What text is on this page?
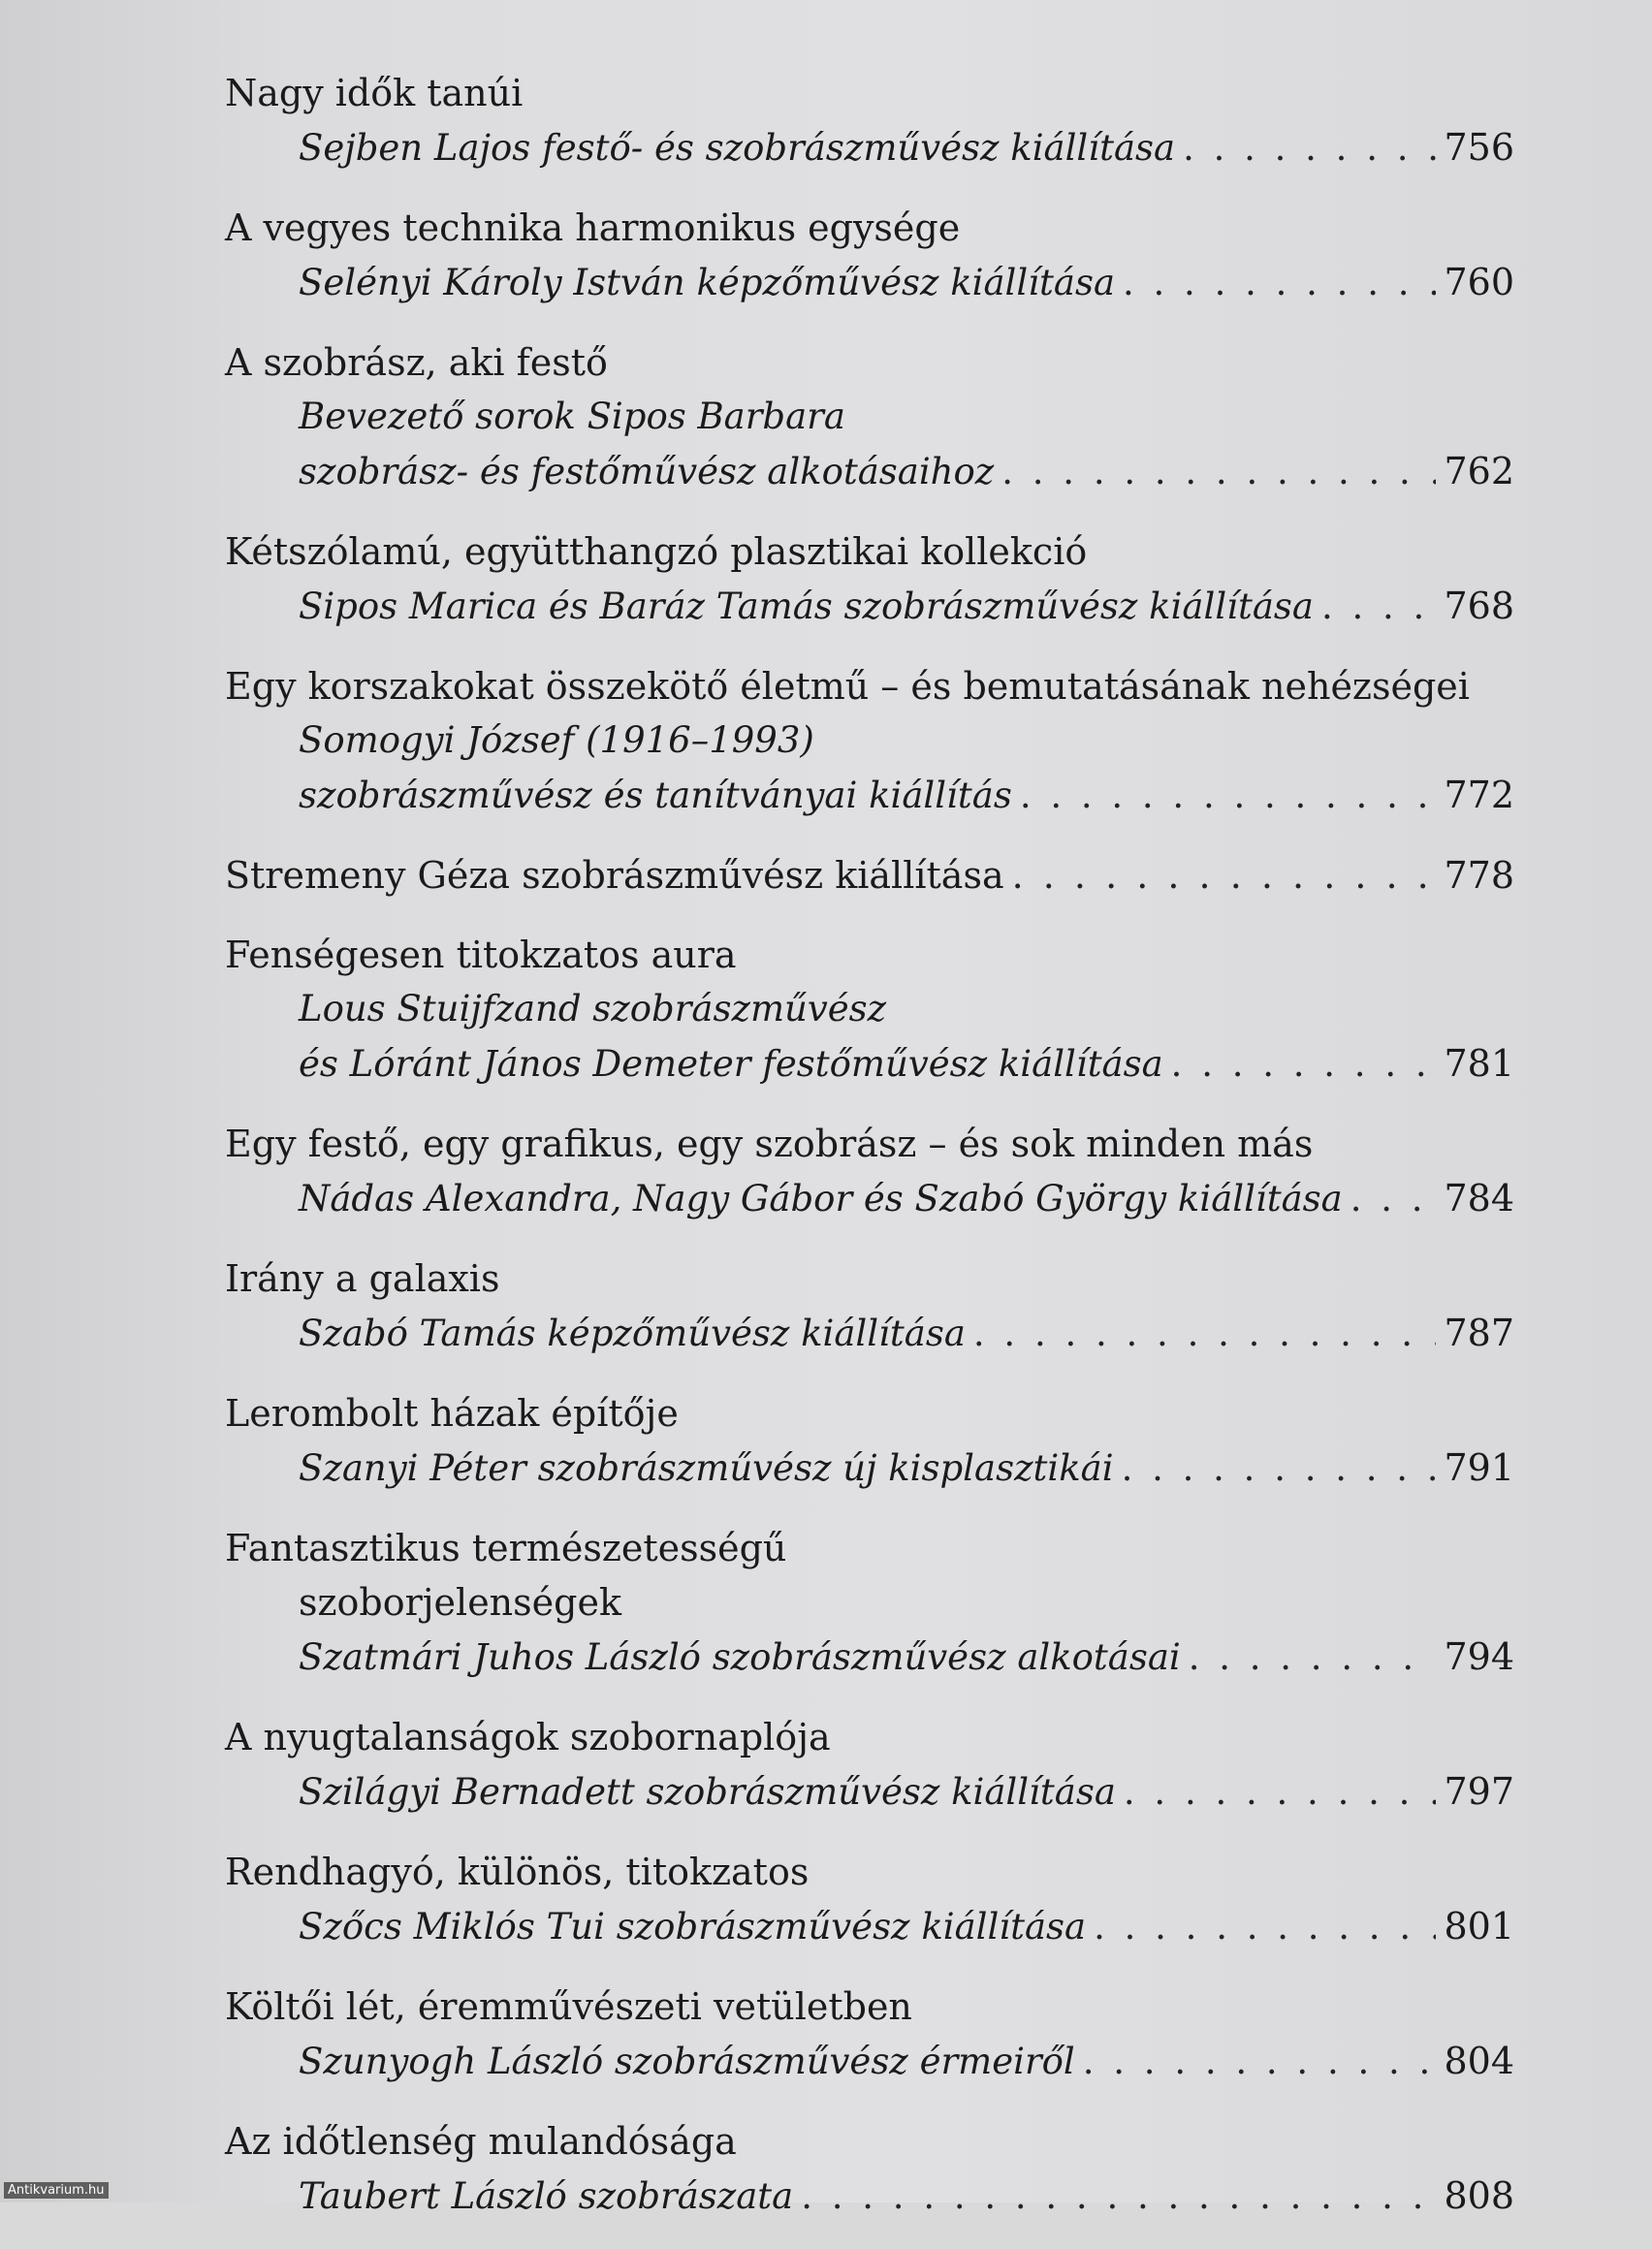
Nagy idők tanúi
Sejben Lajos festő- és szobrászművész kiállítása . . .	756
A vegyes technika harmonikus egysége
Selényi Károly István képzőművész kiállítása . . .	760
A szobrász, aki festő
Bevezető sorok Sipos Barbara
szobrász- és festőművész alkotásaihoz . . .	762
Kétszólamú, együtthangzó plasztikai kollekció
Sipos Marica és Baráz Tamás szobrászművész kiállítása . . .	768
Egy korszakokat összekötő életmű – és bemutatásának nehézségei
Somogyi József (1916–1993)
szobrászművész és tanítványai kiállítás . . .	772
Stremeny Géza szobrászművész kiállítása . . .	778
Fenségesen titokzatos aura
Lous Stuijfzand szobrászművész
és Lóránt János Demeter festőművész kiállítása . . .	781
Egy festő, egy grafikus, egy szobrász – és sok minden más
Nádas Alexandra, Nagy Gábor és Szabó György kiállítása . . .	784
Irány a galaxis
Szabó Tamás képzőművész kiállítása . . .	787
Lerombolt házak építője
Szanyi Péter szobrászművész új kisplasztikái . . .	791
Fantasztikus természetességű
szoborjelenségek
Szatmári Juhos László szobrászművész alkotásai . . .	794
A nyugtalanságok szobornaplója
Szilágyi Bernadett szobrászművész kiállítása . . .	797
Rendhagyó, különös, titokzatos
Szőcs Miklós Tui szobrászművész kiállítása . . .	801
Költői lét, éremművészeti vetületben
Szunyogh László szobrászművész érmeiről . . .	804
Az időtlenség mulandósága
Taubert László szobrászata . . .	808
Antikvarium.hu
